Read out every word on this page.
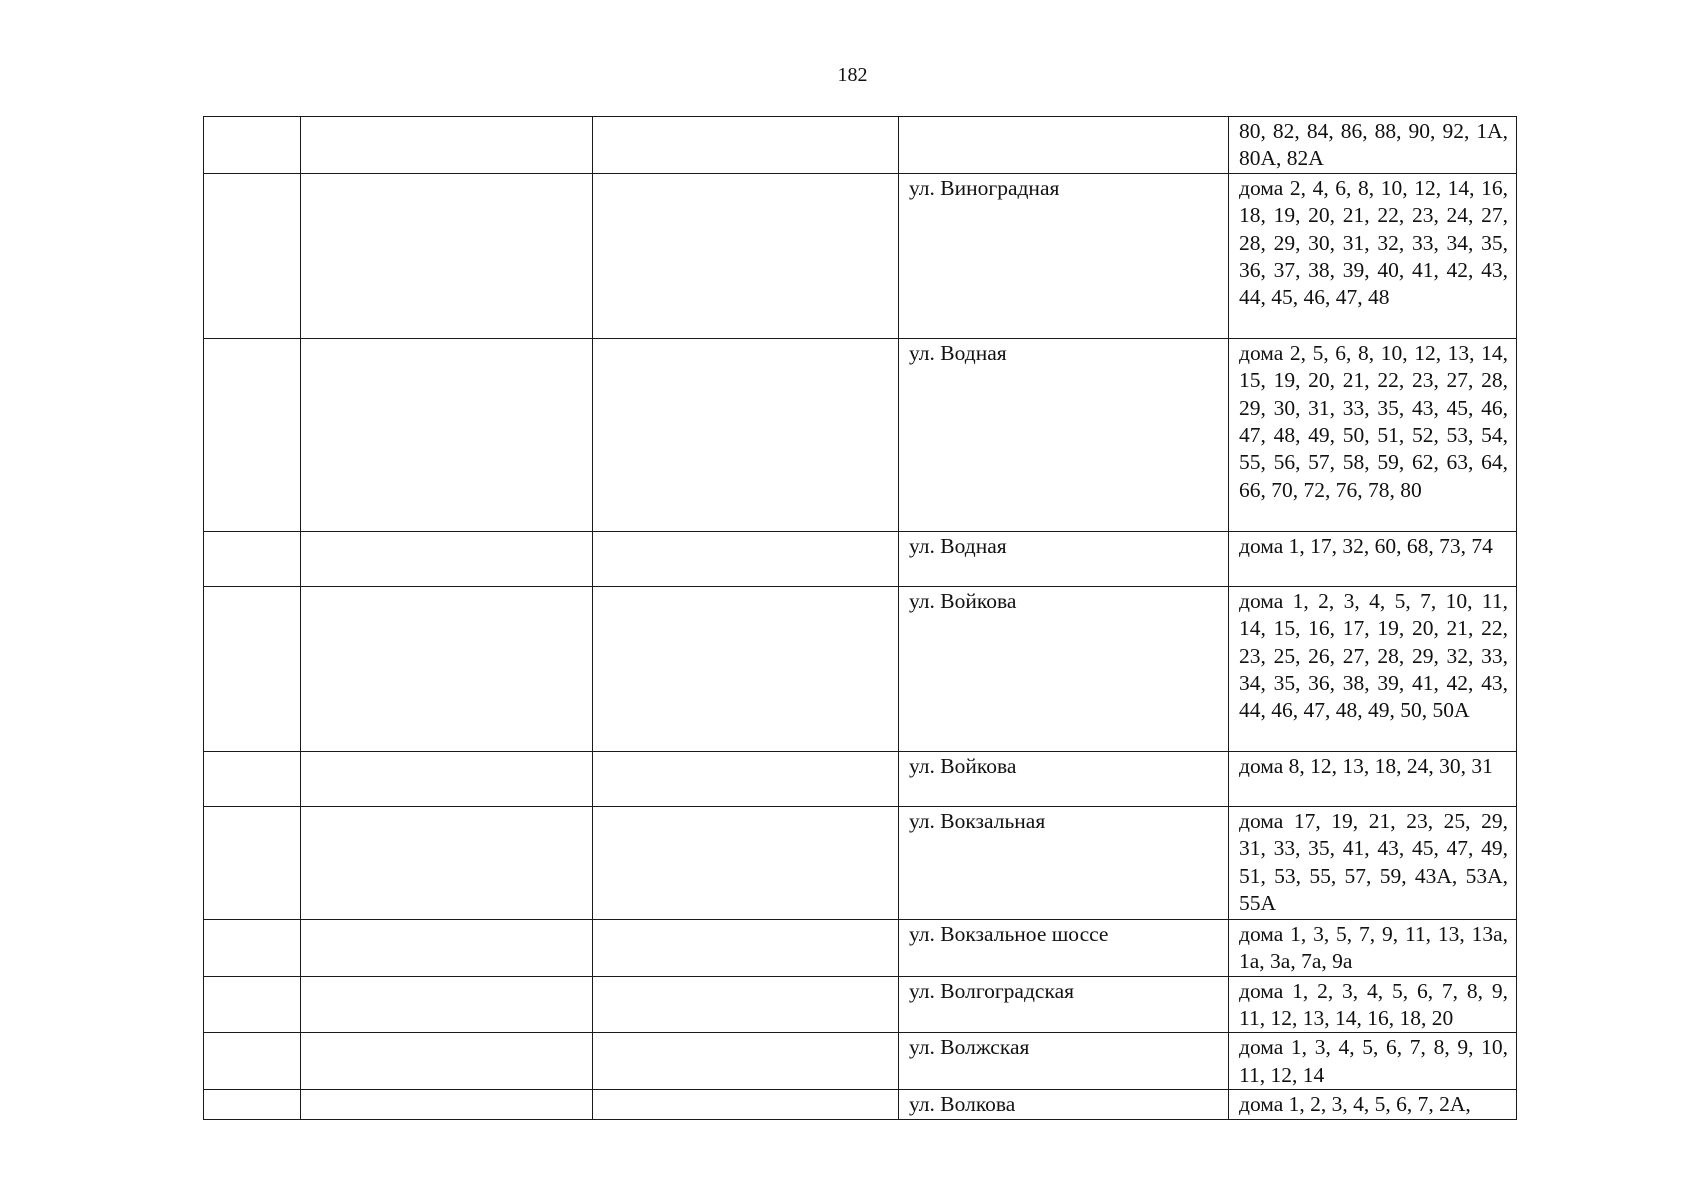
182
				80, 82, 84, 86, 88, 90, 92, 1А, 80А, 82А
			ул. Виноградная	дома 2, 4, 6, 8, 10, 12, 14, 16, 18, 19, 20, 21, 22, 23, 24, 27, 28, 29, 30, 31, 32, 33, 34, 35, 36, 37, 38, 39, 40, 41, 42, 43, 44, 45, 46, 47, 48
			ул. Водная	дома 2, 5, 6, 8, 10, 12, 13, 14, 15, 19, 20, 21, 22, 23, 27, 28, 29, 30, 31, 33, 35, 43, 45, 46, 47, 48, 49, 50, 51, 52, 53, 54, 55, 56, 57, 58, 59, 62, 63, 64, 66, 70, 72, 76, 78, 80
			ул. Водная	дома 1, 17, 32, 60, 68, 73, 74
			ул. Войкова	дома 1, 2, 3, 4, 5, 7, 10, 11, 14, 15, 16, 17, 19, 20, 21, 22, 23, 25, 26, 27, 28, 29, 32, 33, 34, 35, 36, 38, 39, 41, 42, 43, 44, 46, 47, 48, 49, 50, 50А
			ул. Войкова	дома 8, 12, 13, 18, 24, 30, 31
			ул. Вокзальная	дома 17, 19, 21, 23, 25, 29, 31, 33, 35, 41, 43, 45, 47, 49, 51, 53, 55, 57, 59, 43А, 53А, 55А
			ул. Вокзальное шоссе	дома 1, 3, 5, 7, 9, 11, 13, 13а, 1а, 3а, 7а, 9а
			ул. Волгоградская	дома 1, 2, 3, 4, 5, 6, 7, 8, 9, 11, 12, 13, 14, 16, 18, 20
			ул. Волжская	дома 1, 3, 4, 5, 6, 7, 8, 9, 10, 11, 12, 14
			ул. Волкова	дома 1, 2, 3, 4, 5, 6, 7, 2А,
